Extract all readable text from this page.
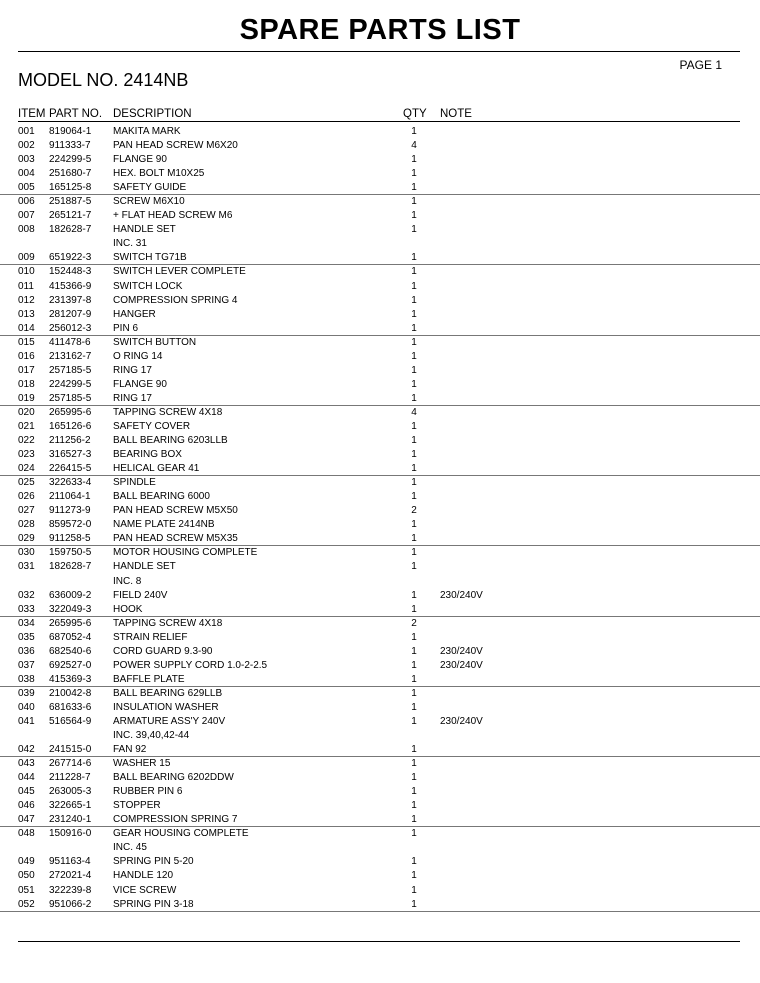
SPARE PARTS LIST
PAGE 1
MODEL NO. 2414NB
ITEM PART NO. DESCRIPTION	QTY NOTE
001 819064-1 MAKITA MARK	1
002 911333-7 PAN HEAD SCREW M6X20	4
003 224299-5 FLANGE 90	1
004 251680-7 HEX. BOLT M10X25	1
005 165125-8 SAFETY GUIDE	1
006 251887-5 SCREW M6X10	1
007 265121-7 + FLAT HEAD SCREW M6	1
008 182628-7 HANDLE SET	1
INC. 31
009 651922-3 SWITCH TG71B	1
010 152448-3 SWITCH LEVER COMPLETE	1
011 415366-9 SWITCH LOCK	1
012 231397-8 COMPRESSION SPRING 4	1
013 281207-9 HANGER	1
014 256012-3 PIN 6	1
015 411478-6 SWITCH BUTTON	1
016 213162-7 O RING 14	1
017 257185-5 RING 17	1
018 224299-5 FLANGE 90	1
019 257185-5 RING 17	1
020 265995-6 TAPPING SCREW 4X18	4
021 165126-6 SAFETY COVER	1
022 211256-2 BALL BEARING 6203LLB	1
023 316527-3 BEARING BOX	1
024 226415-5 HELICAL GEAR 41	1
025 322633-4 SPINDLE	1
026 211064-1 BALL BEARING 6000	1
027 911273-9 PAN HEAD SCREW M5X50	2
028 859572-0 NAME PLATE 2414NB	1
029 911258-5 PAN HEAD SCREW M5X35	1
030 159750-5 MOTOR HOUSING COMPLETE	1
031 182628-7 HANDLE SET	1
INC. 8
032 636009-2 FIELD 240V	1	230/240V
033 322049-3 HOOK	1
034 265995-6 TAPPING SCREW 4X18	2
035 687052-4 STRAIN RELIEF	1
036 682540-6 CORD GUARD 9.3-90	1	230/240V
037 692527-0 POWER SUPPLY CORD 1.0-2-2.5	1	230/240V
038 415369-3 BAFFLE PLATE	1
039 210042-8 BALL BEARING 629LLB	1
040 681633-6 INSULATION WASHER	1
041 516564-9 ARMATURE ASS'Y 240V	1	230/240V
INC. 39,40,42-44
042 241515-0 FAN 92	1
043 267714-6 WASHER 15	1
044 211228-7 BALL BEARING 6202DDW	1
045 263005-3 RUBBER PIN 6	1
046 322665-1 STOPPER	1
047 231240-1 COMPRESSION SPRING 7	1
048 150916-0 GEAR HOUSING COMPLETE	1
INC. 45
049 951163-4 SPRING PIN 5-20	1
050 272021-4 HANDLE 120	1
051 322239-8 VICE SCREW	1
052 951066-2 SPRING PIN 3-18	1
